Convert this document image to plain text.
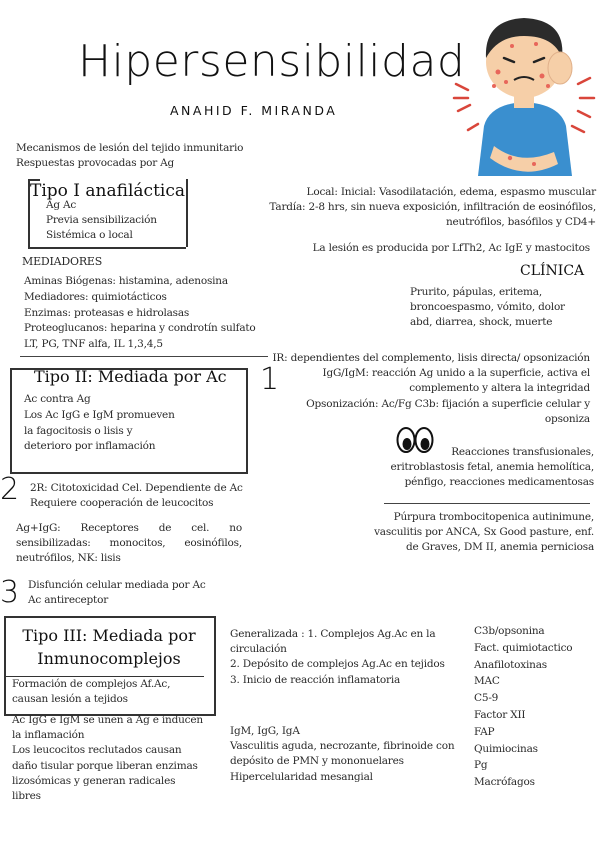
Hipersensibilidad
ANAHID F. MIRANDA
Mecanismos de lesión del tejido inmunitario
Respuestas provocadas por Ag
Tipo I anafiláctica
Ag Ac
Previa sensibilización
Sistémica o local
Local: Inicial: Vasodilatación, edema, espasmo muscular
Tardía: 2-8 hrs, sin nueva exposición, infiltración de eosinófilos,
neutrófilos, basófilos y CD4+
La lesión es producida por LfTh2, Ac IgE y mastocitos
MEDIADORES
Aminas Biógenas: histamina, adenosina
Mediadores: quimiotácticos
Enzimas: proteasas e hidrolasas
Proteoglucanos: heparina y condrotín sulfato
LT, PG, TNF alfa, IL 1,3,4,5
CLÍNICA
Prurito, pápulas, eritema,
broncoespasmo, vómito, dolor
abd, diarrea, shock, muerte
Tipo II: Mediada por Ac
Ac contra Ag
Los Ac IgG e IgM promueven
la fagocitosis o lisis y
deterioro por inflamación
1
IR: dependientes del complemento, lisis directa/ opsonización
IgG/IgM: reacción Ag unido a la superficie, activa el
complemento y altera la integridad
Opsonización: Ac/Fg C3b: fijación a superficie celular y
opsoniza
Reacciones transfusionales,
eritroblastosis fetal, anemia hemolítica,
pénfigo, reacciones medicamentosas
Púrpura trombocitopenica autinimune,
vasculitis por ANCA, Sx Good pasture, enf.
de Graves, DM II, anemia perniciosa
2 2R: Citotoxicidad Cel. Dependiente de Ac
Requiere cooperación de leucocitos
Ag+IgG: Receptores de cel. no
sensibilizadas: monocitos, eosinófilos,
neutrófilos, NK: lisis
3 Disfunción celular mediada por Ac
Ac antireceptor
Tipo III: Mediada por
Inmunocomplejos
Formación de complejos Af.Ac,
causan lesión a tejidos
Ac IgG e IgM se unen a Ag e inducen
la inflamación
Los leucocitos reclutados causan
daño tisular porque liberan enzimas
lizosómicas y generan radicales
libres
Generalizada : 1. Complejos Ag.Ac en la
circulación
2. Depósito de complejos Ag.Ac en tejidos
3. Inicio de reacción inflamatoria
IgM, IgG, IgA
Vasculitis aguda, necrozante, fibrinoide con
depósito de PMN y mononuelares
Hipercelularidad mesangial
C3b/opsonina
Fact. quimiotactico
Anafilotoxinas
MAC
C5-9
Factor XII
FAP
Quimiocinas
Pg
Macrófagos
